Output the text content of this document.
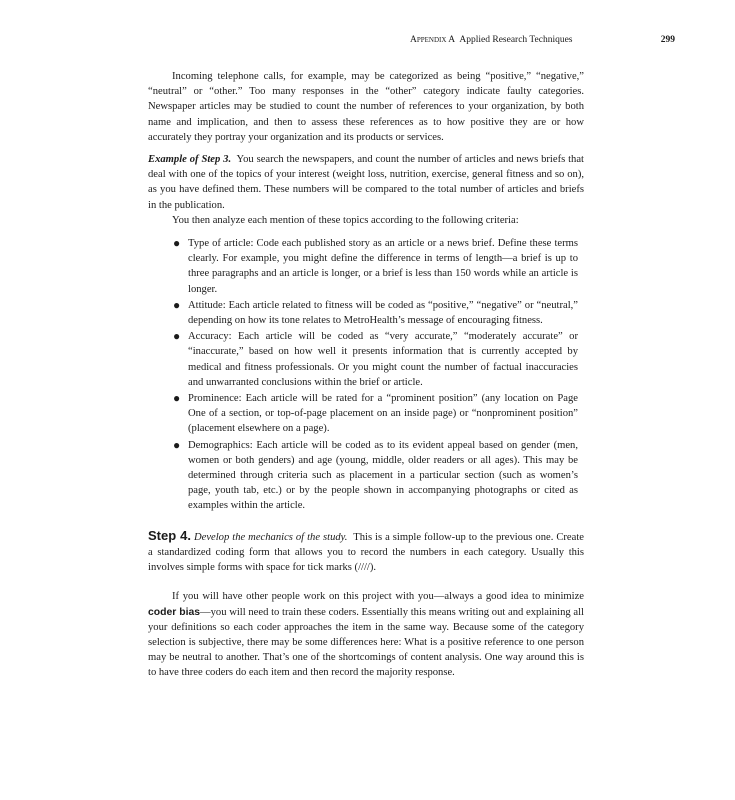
Appendix A Applied Research Techniques	299

Incoming telephone calls, for example, may be categorized as being “positive,” “negative,” “neutral” or “other.” Too many responses in the “other” category indicate faulty categories. Newspaper articles may be studied to count the number of references to your organization, by both name and implication, and then to assess these references as to how positive they are or how accurately they portray your organization and its products or services.

Example of Step 3. You search the newspapers, and count the number of articles and news briefs that deal with one of the topics of your interest (weight loss, nutrition, exercise, general fitness and so on), as you have defined them. These numbers will be compared to the total number of articles and briefs in the publication.

You then analyze each mention of these topics according to the following criteria:

● Type of article: Code each published story as an article or a news brief. Define these terms clearly. For example, you might define the difference in terms of length—a brief is up to three paragraphs and an article is longer, or a brief is less than 150 words while an article is longer.
● Attitude: Each article related to fitness will be coded as “positive,” “negative” or “neutral,” depending on how its tone relates to MetroHealth’s message of encouraging fitness.
● Accuracy: Each article will be coded as “very accurate,” “moderately accurate” or “inaccurate,” based on how well it presents information that is currently accepted by medical and fitness professionals. Or you might count the number of factual inaccuracies and unwarranted conclusions within the brief or article.
● Prominence: Each article will be rated for a “prominent position” (any location on Page One of a section, or top-of-page placement on an inside page) or “nonprominent position” (placement elsewhere on a page).
● Demographics: Each article will be coded as to its evident appeal based on gender (men, women or both genders) and age (young, middle, older readers or all ages). This may be determined through criteria such as placement in a particular section (such as women’s page, youth tab, etc.) or by the people shown in accompanying photographs or cited as examples within the article.

Step 4. Develop the mechanics of the study. This is a simple follow-up to the previous one. Create a standardized coding form that allows you to record the numbers in each category. Usually this involves simple forms with space for tick marks (////).

If you will have other people work on this project with you—always a good idea to minimize coder bias—you will need to train these coders. Essentially this means writing out and explaining all your definitions so each coder approaches the item in the same way. Because some of the category selection is subjective, there may be some differences here: What is a positive reference to one person may be neutral to another. That’s one of the shortcomings of content analysis. One way around this is to have three coders do each item and then record the majority response.
